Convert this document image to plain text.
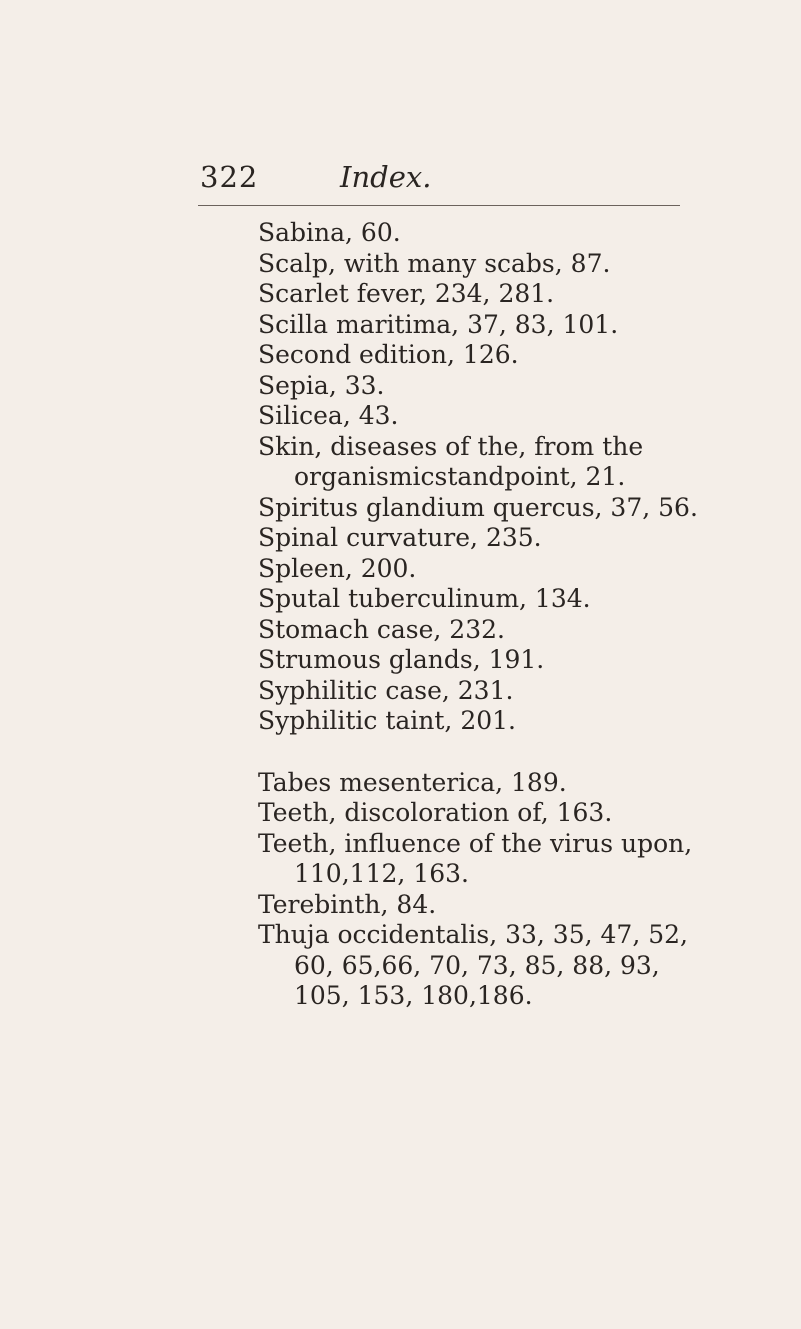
322	Index.
Sabina, 60.
Scalp, with many scabs, 87.
Scarlet fever, 234, 281.
Scilla maritima, 37, 83, 101.
Second edition, 126.
Sepia, 33.
Silicea, 43.
Skin, diseases of the, from the organismicstandpoint, 21.
Spiritus glandium quercus, 37, 56.
Spinal curvature, 235.
Spleen, 200.
Sputal tuberculinum, 134.
Stomach case, 232.
Strumous glands, 191.
Syphilitic case, 231.
Syphilitic taint, 201.
Tabes mesenterica, 189.
Teeth, discoloration of, 163.
Teeth, influence of the virus upon, 110,112, 163.
Terebinth, 84.
Thuja occidentalis, 33, 35, 47, 52, 60, 65,66, 70, 73, 85, 88, 93, 105, 153, 180,186.
